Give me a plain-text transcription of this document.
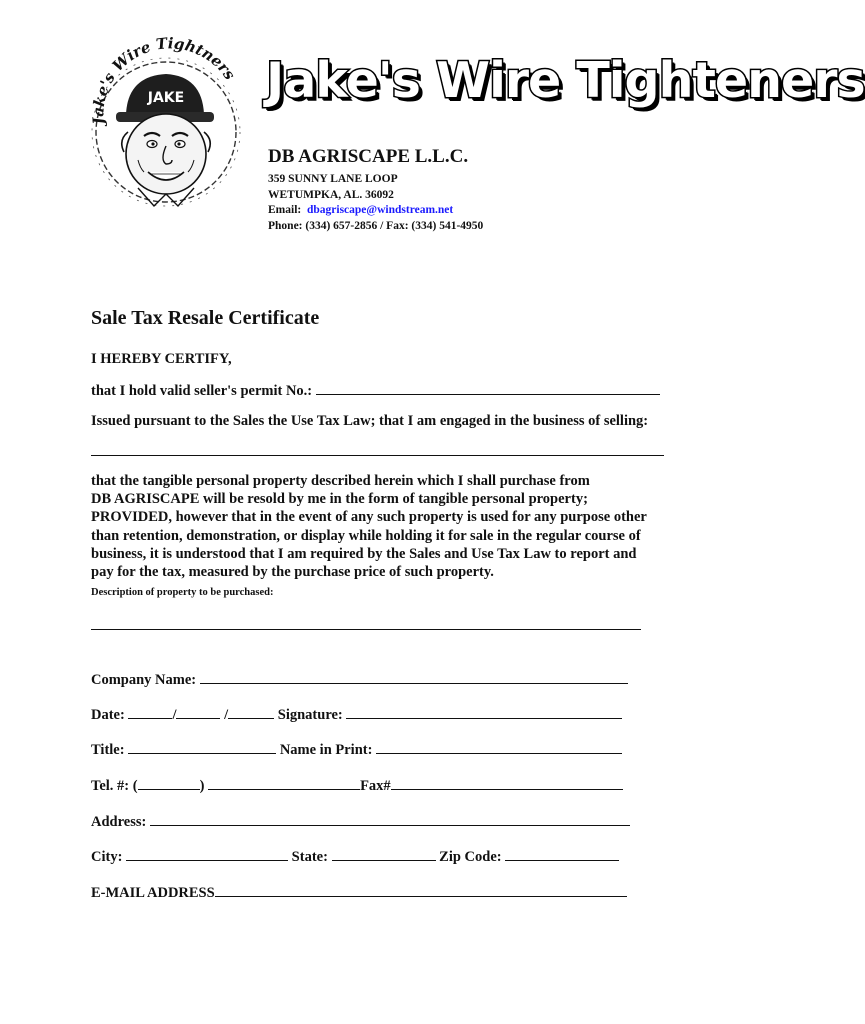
Jake's Wire Tightners
JAKE Jake's Wire Tighteners
DB AGRISCAPE L.L.C.
359 SUNNY LANE LOOP
WETUMPKA, AL. 36092
Email: dbagriscape@windstream.net
Phone: (334) 657-2856 / Fax: (334) 541-4950
Sale Tax Resale Certificate
I HEREBY CERTIFY,
that I hold valid seller's permit No.:
Issued pursuant to the Sales the Use Tax Law; that I am engaged in the business of selling:
that the tangible personal property described herein which I shall purchase from
DB AGRISCAPE will be resold by me in the form of tangible personal property;
PROVIDED, however that in the event of any such property is used for any purpose other
than retention, demonstration, or display while holding it for sale in the regular course of
business, it is understood that I am required by the Sales and Use Tax Law to report and
pay for the tax, measured by the purchase price of such property.
Description of property to be purchased:
Company Name:
Date:	/	/	Signature:
Title:	Name in Print:
Tel. #: (	)	Fax#
Address:
City:	State:	Zip Code:
E-MAIL ADDRESS
